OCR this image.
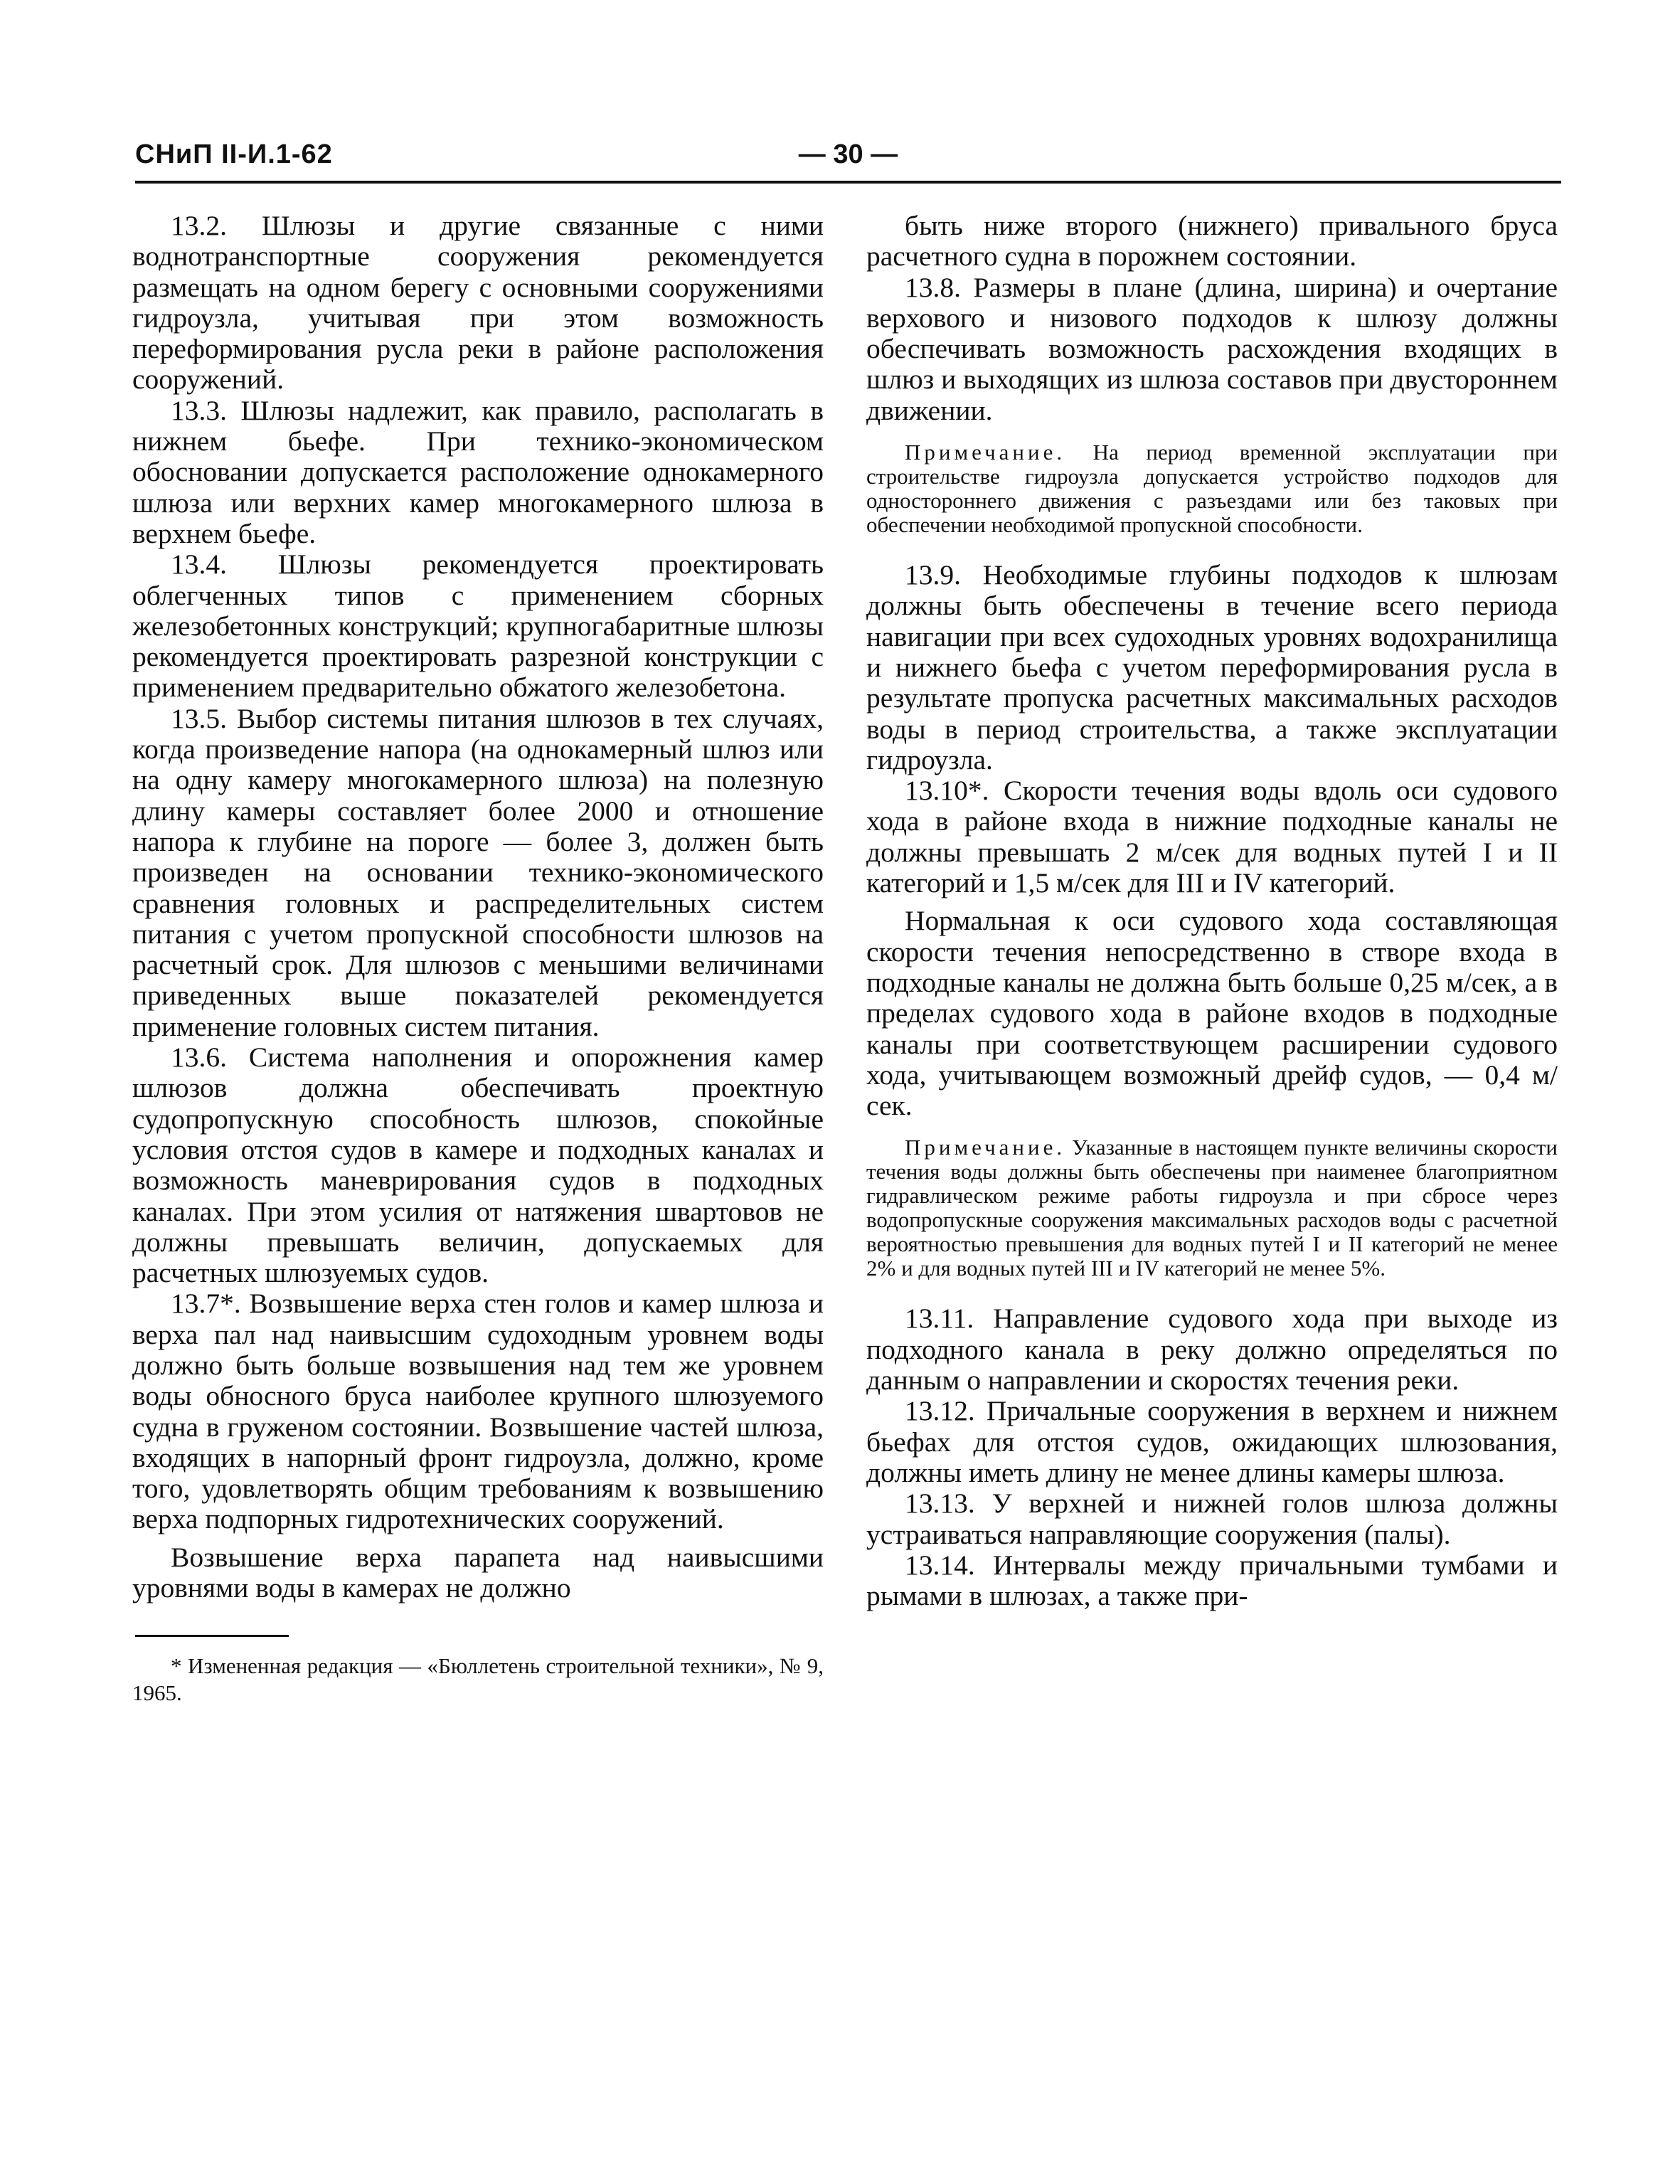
СНиП II-И.1-62	— 30 —

13.2. Шлюзы и другие связанные с ними воднотранспортные сооружения рекомендуется размещать на одном берегу с основными сооружениями гидроузла, учитывая при этом возможность переформирования русла реки в районе расположения сооружений.

13.3. Шлюзы надлежит, как правило, располагать в нижнем бьефе. При технико-экономическом обосновании допускается расположение однокамерного шлюза или верхних камер многокамерного шлюза в верхнем бьефе.

13.4. Шлюзы рекомендуется проектировать облегченных типов с применением сборных железобетонных конструкций; крупногабаритные шлюзы рекомендуется проектировать разрезной конструкции с применением предварительно обжатого железобетона.

13.5. Выбор системы питания шлюзов в тех случаях, когда произведение напора (на однокамерный шлюз или на одну камеру многокамерного шлюза) на полезную длину камеры составляет более 2000 и отношение напора к глубине на пороге — более 3, должен быть произведен на основании технико-экономического сравнения головных и распределительных систем питания с учетом пропускной способности шлюзов на расчетный срок. Для шлюзов с меньшими величинами приведенных выше показателей рекомендуется применение головных систем питания.

13.6. Система наполнения и опорожнения камер шлюзов должна обеспечивать проектную судопропускную способность шлюзов, спокойные условия отстоя судов в камере и подходных каналах и возможность маневрирования судов в подходных каналах. При этом усилия от натяжения швартовов не должны превышать величин, допускаемых для расчетных шлюзуемых судов.

13.7*. Возвышение верха стен голов и камер шлюза и верха пал над наивысшим судоходным уровнем воды должно быть больше возвышения над тем же уровнем воды обносного бруса наиболее крупного шлюзуемого судна в груженом состоянии. Возвышение частей шлюза, входящих в напорный фронт гидроузла, должно, кроме того, удовлетворять общим требованиям к возвышению верха подпорных гидротехнических сооружений.

Возвышение верха парапета над наивысшими уровнями воды в камерах не должно

* Измененная редакция — «Бюллетень строительной техники», № 9, 1965.

быть ниже второго (нижнего) привального бруса расчетного судна в порожнем состоянии.

13.8. Размеры в плане (длина, ширина) и очертание верхового и низового подходов к шлюзу должны обеспечивать возможность расхождения входящих в шлюз и выходящих из шлюза составов при двустороннем движении.

Примечание. На период временной эксплуатации при строительстве гидроузла допускается устройство подходов для одностороннего движения с разъездами или без таковых при обеспечении необходимой пропускной способности.

13.9. Необходимые глубины подходов к шлюзам должны быть обеспечены в течение всего периода навигации при всех судоходных уровнях водохранилища и нижнего бьефа с учетом переформирования русла в результате пропуска расчетных максимальных расходов воды в период строительства, а также эксплуатации гидроузла.

13.10*. Скорости течения воды вдоль оси судового хода в районе входа в нижние подходные каналы не должны превышать 2 м/сек для водных путей I и II категорий и 1,5 м/сек для III и IV категорий.

Нормальная к оси судового хода составляющая скорости течения непосредственно в створе входа в подходные каналы не должна быть больше 0,25 м/сек, а в пределах судового хода в районе входов в подходные каналы при соответствующем расширении судового хода, учитывающем возможный дрейф судов, — 0,4 м/сек.

Примечание. Указанные в настоящем пункте величины скорости течения воды должны быть обеспечены при наименее благоприятном гидравлическом режиме работы гидроузла и при сбросе через водопропускные сооружения максимальных расходов воды с расчетной вероятностью превышения для водных путей I и II категорий не менее 2% и для водных путей III и IV категорий не менее 5%.

13.11. Направление судового хода при выходе из подходного канала в реку должно определяться по данным о направлении и скоростях течения реки.

13.12. Причальные сооружения в верхнем и нижнем бьефах для отстоя судов, ожидающих шлюзования, должны иметь длину не менее длины камеры шлюза.

13.13. У верхней и нижней голов шлюза должны устраиваться направляющие сооружения (палы).

13.14. Интервалы между причальными тумбами и рымами в шлюзах, а также при-
